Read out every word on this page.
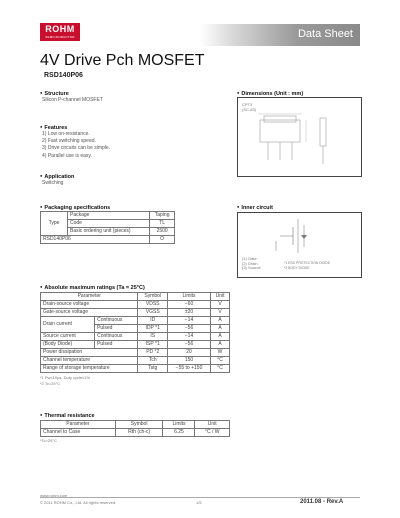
ROHM
SEMICONDUCTOR	Data Sheet
4V Drive Pch MOSFET
RSD140P06
● Structure
Silicon P-channel MOSFET
● Dimensions (Unit : mm)
CPT3
(SC-63)
● Features
1) Low on-resistance.
2) Fast switching speed.
3) Drive circuits can be simple.
4) Parallel use is easy.
● Application
Switching
● Packaging specifications
Type	Package	Taping
	Code	TL
	Basic ordering unit (pieces)	2500
RSD140P06		O
● Inner circuit
(1) Gate
(2) Drain
(3) Source
*1 ESD PROTECTION DIODE
*2 BODY DIODE
● Absolute maximum ratings (Ta = 25°C)
Parameter		Symbol	Limits	Unit
Drain-source voltage		VDSS	−60	V
Gate-source voltage		VGSS	±20	V
Drain current	Continuous	ID	−14	A
	Pulsed	IDP *1	−56	A
Source current	Continuous	IS	−14	A
(Body Diode)	Pulsed	ISP *1	−56	A
Power dissipation		PD *2	20	W
Channel temperature		Tch	150	°C
Range of storage temperature		Tstg	−55 to +150	°C
*1 Pw≤10μs, Duty cycle≤1%
*2 Tc=25°C
● Thermal resistance
Parameter	Symbol	Limits	Unit
Channel to Case	Rth (ch-c)	6.25	°C / W
*Tc=25°C
www.rohm.com
© 2011 ROHM Co., Ltd. All rights reserved.	1/5	2011.08 - Rev.A
